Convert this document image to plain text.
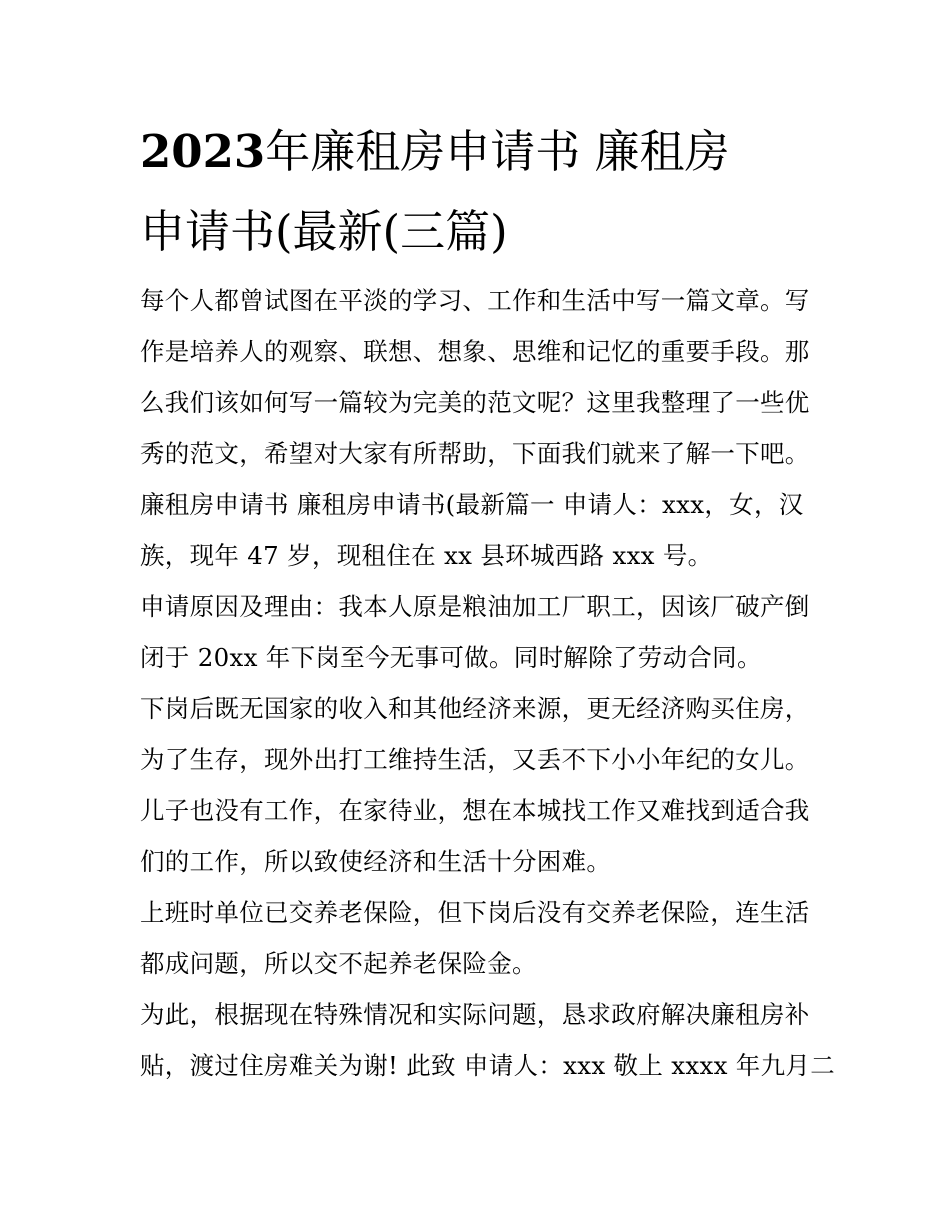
2023年廉租房申请书 廉租房
申请书(最新(三篇)
每个人都曾试图在平淡的学习、工作和生活中写一篇文章。写
作是培养人的观察、联想、想象、思维和记忆的重要手段。那
么我们该如何写一篇较为完美的范文呢？这里我整理了一些优
秀的范文，希望对大家有所帮助，下面我们就来了解一下吧。
廉租房申请书 廉租房申请书(最新篇一 申请人：xxx，女，汉
族，现年 47 岁，现租住在 xx 县环城西路 xxx 号。
申请原因及理由：我本人原是粮油加工厂职工，因该厂破产倒
闭于 20xx 年下岗至今无事可做。同时解除了劳动合同。
下岗后既无国家的收入和其他经济来源，更无经济购买住房，
为了生存，现外出打工维持生活，又丢不下小小年纪的女儿。
儿子也没有工作，在家待业，想在本城找工作又难找到适合我
们的工作，所以致使经济和生活十分困难。
上班时单位已交养老保险，但下岗后没有交养老保险，连生活
都成问题，所以交不起养老保险金。
为此，根据现在特殊情况和实际问题，恳求政府解决廉租房补
贴，渡过住房难关为谢! 此致 申请人：xxx 敬上 xxxx 年九月二
